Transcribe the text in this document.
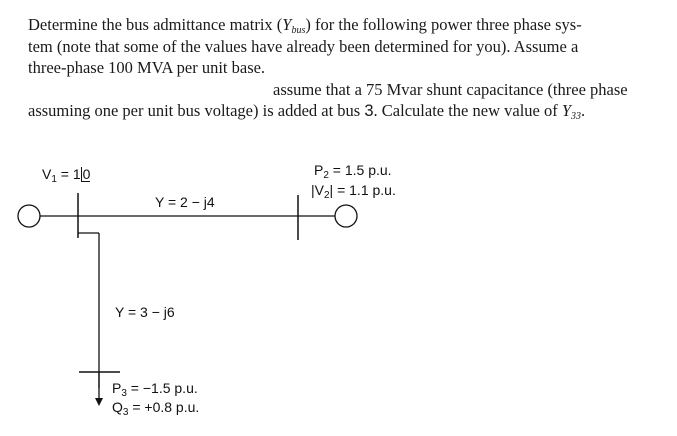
Determine the bus admittance matrix $(Y_{bus})$ for the following power three phase sys-
tem (note that some of the values have already been determined for you). Assume a
three-phase 100 MVA per unit base.
assume that a 75 Mvar shunt capacitance (three phase
assuming one per unit bus voltage) is added at bus 3. Calculate the new value of $Y_{33}$.
$V_1 = 1$ 0
Y = 2 − j4
$P_2 = 1.5$ p.u.
$|V_2| = 1.1$ p.u.
Y = 3 − j6
$P_3 = -1.5$ p.u.
$Q_3 = +0.8$ p.u.
